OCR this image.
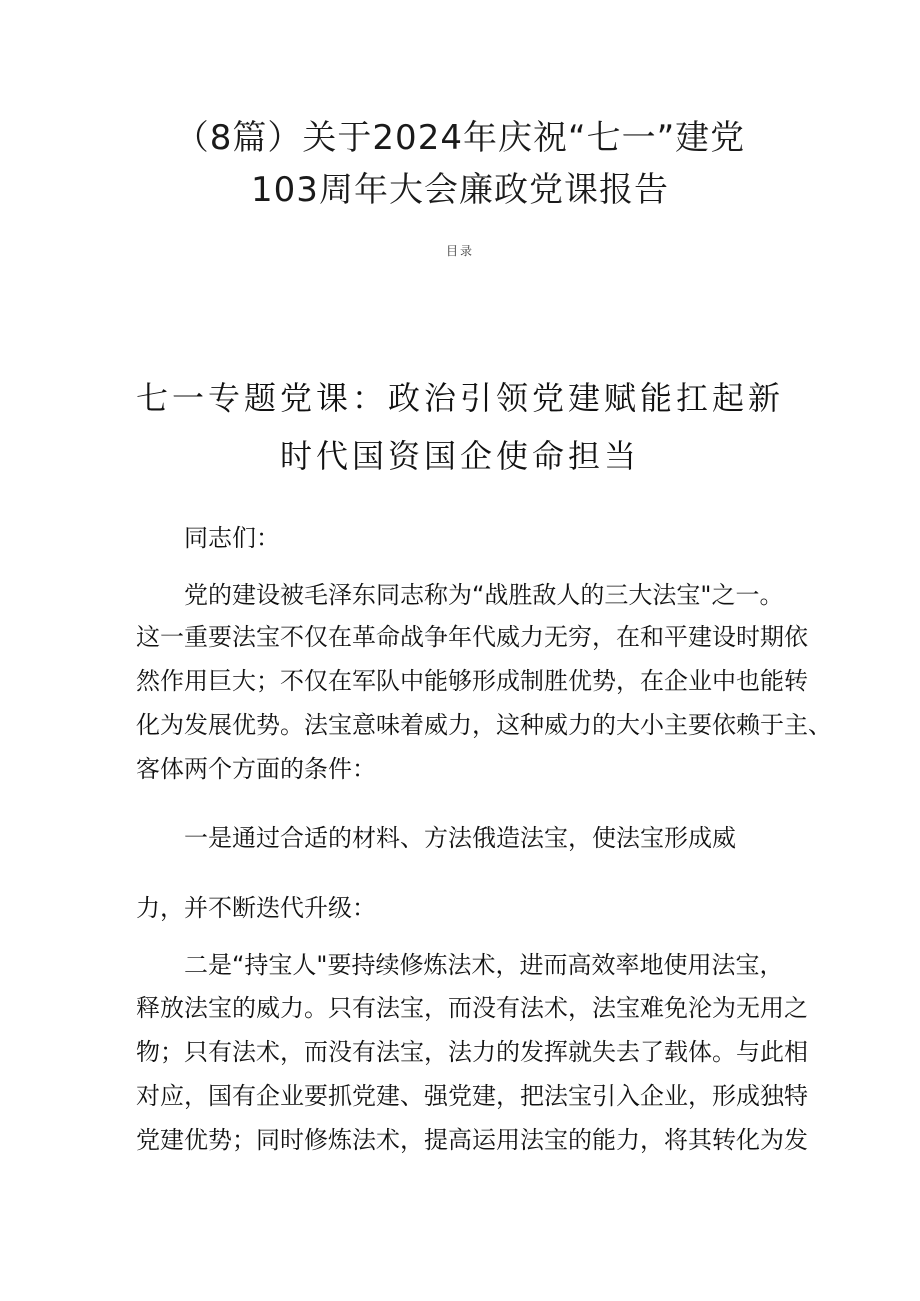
（8篇）关于2024年庆祝“七一”建党
103周年大会廉政党课报告
目录
七一专题党课：政治引领党建赋能扛起新
时代国资国企使命担当
同志们：
党的建设被毛泽东同志称为“战胜敌人的三大法宝"之一。
这一重要法宝不仅在革命战争年代威力无穷，在和平建设时期依
然作用巨大；不仅在军队中能够形成制胜优势，在企业中也能转
化为发展优势。法宝意味着威力，这种威力的大小主要依赖于主、
客体两个方面的条件：
一是通过合适的材料、方法俄造法宝，使法宝形成威
力，并不断迭代升级：
二是“持宝人"要持续修炼法术，进而高效率地使用法宝，
释放法宝的威力。只有法宝，而没有法术，法宝难免沦为无用之
物；只有法术，而没有法宝，法力的发挥就失去了载体。与此相
对应，国有企业要抓党建、强党建，把法宝引入企业，形成独特
党建优势；同时修炼法术，提高运用法宝的能力，将其转化为发
